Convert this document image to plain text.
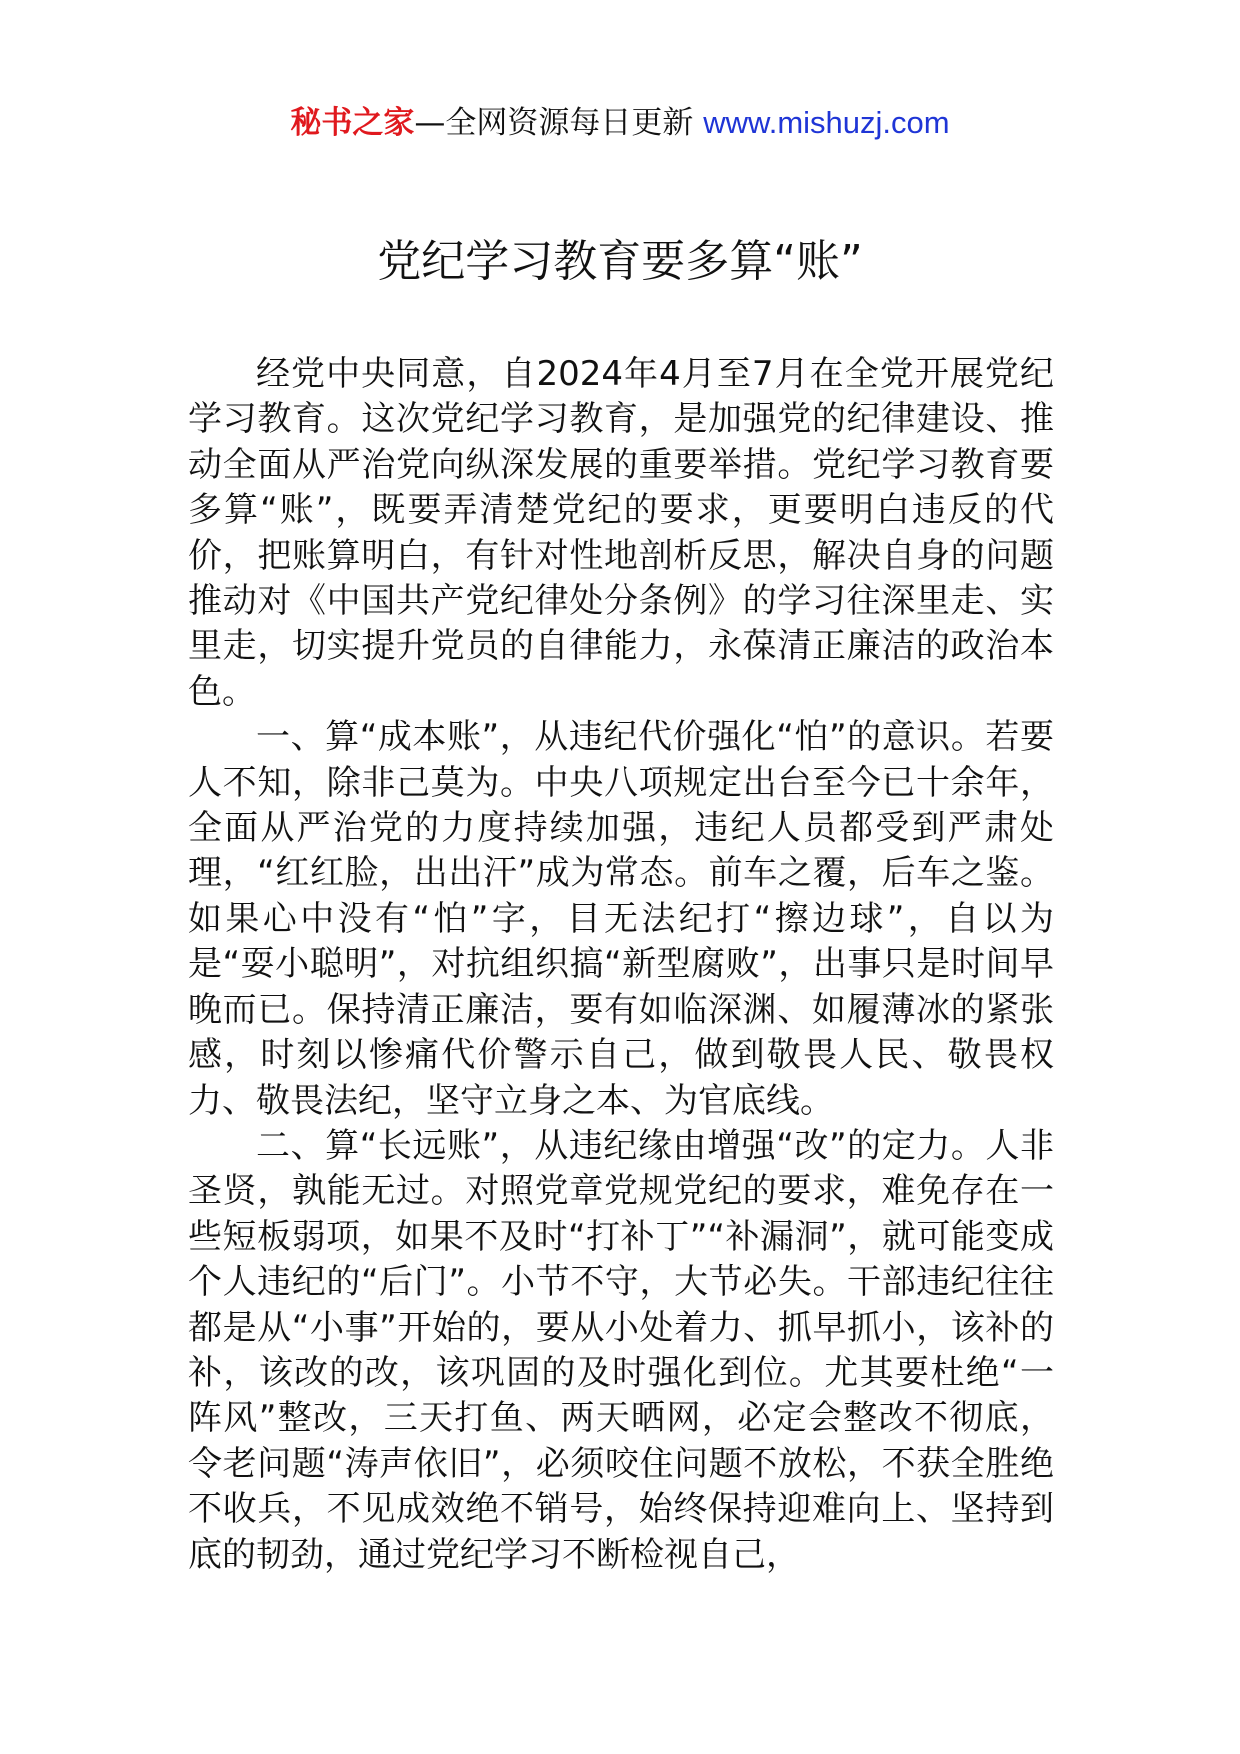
秘书之家—全网资源每日更新 www.mishuzj.com
党纪学习教育要多算“账”

经党中央同意，自2024年4月至7月在全党开展党纪学习教育。这次党纪学习教育，是加强党的纪律建设、推动全面从严治党向纵深发展的重要举措。党纪学习教育要多算“账”，既要弄清楚党纪的要求，更要明白违反的代价，把账算明白，有针对性地剖析反思，解决自身的问题推动对《中国共产党纪律处分条例》的学习往深里走、实里走，切实提升党员的自律能力，永葆清正廉洁的政治本色。

一、算“成本账”，从违纪代价强化“怕”的意识。若要人不知，除非己莫为。中央八项规定出台至今已十余年，全面从严治党的力度持续加强，违纪人员都受到严肃处理，“红红脸，出出汗”成为常态。前车之覆，后车之鉴。如果心中没有“怕”字，目无法纪打“擦边球”，自以为是“耍小聪明”，对抗组织搞“新型腐败”，出事只是时间早晚而已。保持清正廉洁，要有如临深渊、如履薄冰的紧张感，时刻以惨痛代价警示自己，做到敬畏人民、敬畏权力、敬畏法纪，坚守立身之本、为官底线。

二、算“长远账”，从违纪缘由增强“改”的定力。人非圣贤，孰能无过。对照党章党规党纪的要求，难免存在一些短板弱项，如果不及时“打补丁”“补漏洞”，就可能变成个人违纪的“后门”。小节不守，大节必失。干部违纪往往都是从“小事”开始的，要从小处着力、抓早抓小，该补的补，该改的改，该巩固的及时强化到位。尤其要杜绝“一阵风”整改，三天打鱼、两天晒网，必定会整改不彻底，令老问题“涛声依旧”，必须咬住问题不放松，不获全胜绝不收兵，不见成效绝不销号，始终保持迎难向上、坚持到底的韧劲，通过党纪学习不断检视自己，
